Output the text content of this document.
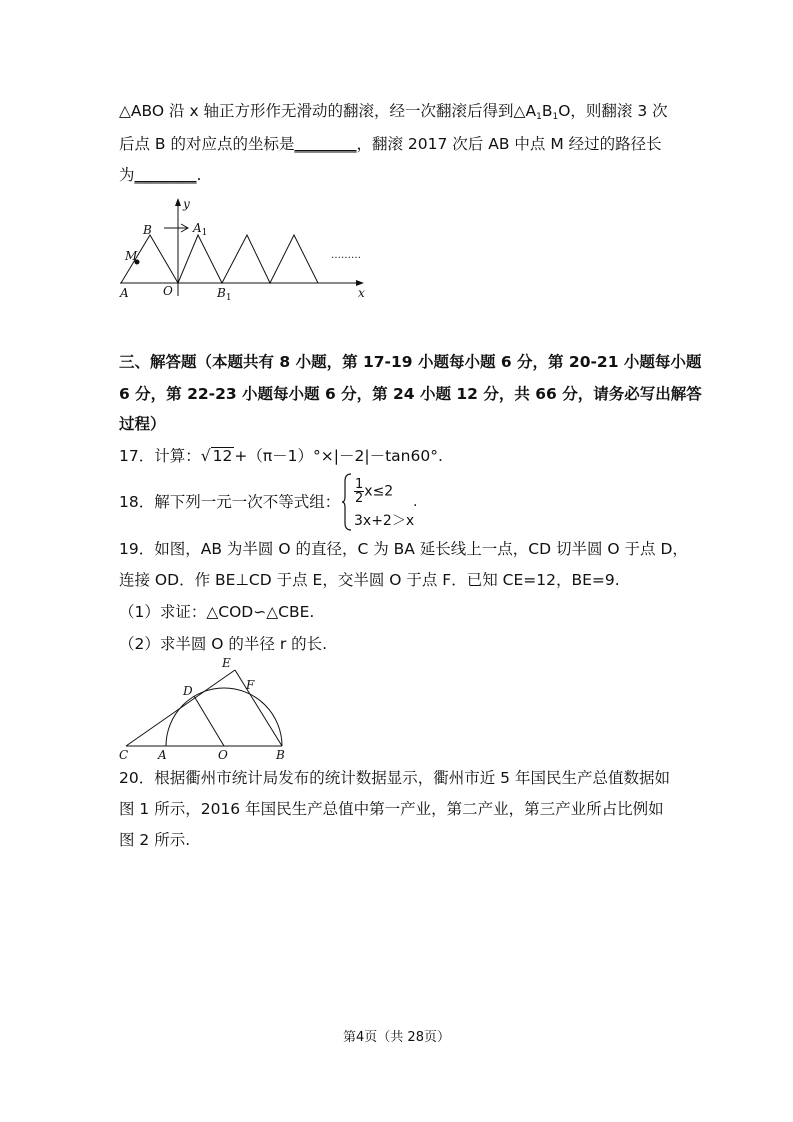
△ABO 沿 x 轴正方形作无滑动的翻滚，经一次翻滚后得到$\triangle A_1B_1O$，则翻滚 3 次
后点 B 的对应点的坐标是________，翻滚 2017 次后 AB 中点 M 经过的路径长
为________.
………
y
B	$A_1$
M
A	O	$B_1$	x
三、解答题（本题共有 8 小题，第 17-19 小题每小题 6 分，第 20-21 小题每小题
6 分，第 22-23 小题每小题 6 分，第 24 小题 12 分，共 66 分，请务必写出解答
过程）
17．计算：√ 12 +（π－1）°×|－2|－tan60°.
18．解下列一元一次不等式组： $\frac{1}{2} x\le 2$
3x+2＞x
.
19．如图，AB 为半圆 O 的直径，C 为 BA 延长线上一点，CD 切半圆 O 于点 D，
连接 OD．作 BE⊥CD 于点 E，交半圆 O 于点 F．已知 CE=12，BE=9.
（1）求证：△COD∽△CBE.
（2）求半圆 O 的半径 r 的长.
E
D	F
C A	O	B
20．根据衢州市统计局发布的统计数据显示，衢州市近 5 年国民生产总值数据如
图 1 所示，2016 年国民生产总值中第一产业，第二产业，第三产业所占比例如
图 2 所示.
第4页（共 28页）
